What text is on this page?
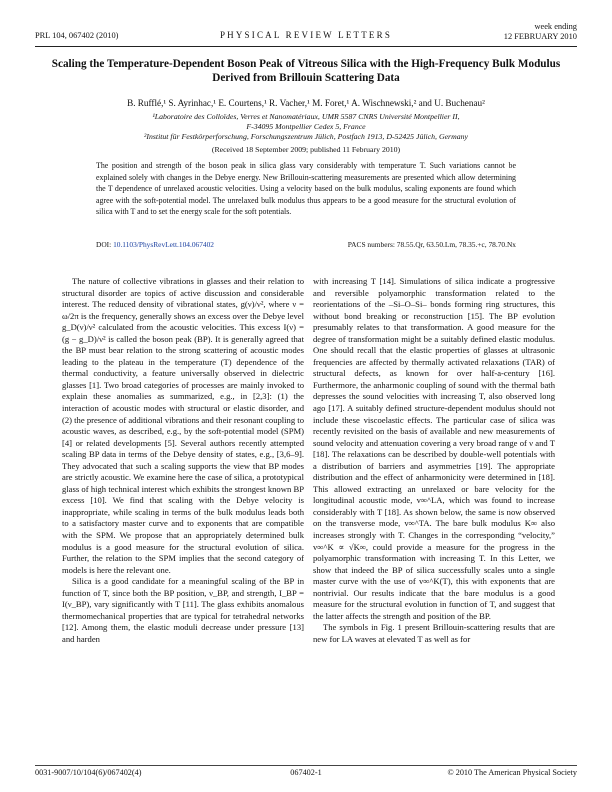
PRL 104, 067402 (2010)	PHYSICAL REVIEW LETTERS
week ending
12 FEBRUARY 2010
Scaling the Temperature-Dependent Boson Peak of Vitreous Silica with the High-Frequency Bulk Modulus Derived from Brillouin Scattering Data
B. Rufflé,¹ S. Ayrinhac,¹ E. Courtens,¹ R. Vacher,¹ M. Foret,¹ A. Wischnewski,² and U. Buchenau²
¹Laboratoire des Colloïdes, Verres et Nanomatériaux, UMR 5587 CNRS Université Montpellier II,
F-34095 Montpellier Cedex 5, France
²Institut für Festkörperforschung, Forschungszentrum Jülich, Postfach 1913, D-52425 Jülich, Germany
(Received 18 September 2009; published 11 February 2010)
The position and strength of the boson peak in silica glass vary considerably with temperature T. Such variations cannot be explained solely with changes in the Debye energy. New Brillouin-scattering measurements are presented which allow determining the T dependence of unrelaxed acoustic velocities. Using a velocity based on the bulk modulus, scaling exponents are found which agree with the soft-potential model. The unrelaxed bulk modulus thus appears to be a good measure for the structural evolution of silica with T and to set the energy scale for the soft potentials.
DOI: 10.1103/PhysRevLett.104.067402	PACS numbers: 78.55.Qr, 63.50.Lm, 78.35.+c, 78.70.Nx

The nature of collective vibrations in glasses and their relation to structural disorder are topics of active discussion and considerable interest. The reduced density of vibrational states, g(ν)/ν², where ν = ω/2π is the frequency, generally shows an excess over the Debye level g_D(ν)/ν² calculated from the acoustic velocities. This excess I(ν) = (g − g_D)/ν² is called the boson peak (BP). It is generally agreed that the BP must bear relation to the strong scattering of acoustic modes leading to the plateau in the temperature (T) dependence of the thermal conductivity, a feature universally observed in dielectric glasses [1]. Two broad categories of processes are mainly invoked to explain these anomalies as summarized, e.g., in [2,3]: (1) the interaction of acoustic modes with structural or elastic disorder, and (2) the presence of additional vibrations and their resonant coupling to acoustic waves, as described, e.g., by the soft-potential model (SPM) [4] or related developments [5]. Several authors recently attempted scaling BP data in terms of the Debye density of states, e.g., [3,6–9]. They advocated that such a scaling supports the view that BP modes are strictly acoustic. We examine here the case of silica, a prototypical glass of high technical interest which exhibits the strongest known BP excess [10]. We find that scaling with the Debye velocity is inappropriate, while scaling in terms of the bulk modulus leads both to a satisfactory master curve and to exponents that are compatible with the SPM. We propose that an appropriately determined bulk modulus is a good measure for the structural evolution of silica. Further, the relation to the SPM implies that the second category of models is here the relevant one.

Silica is a good candidate for a meaningful scaling of the BP in function of T, since both the BP position, ν_BP, and strength, I_BP = I(ν_BP), vary significantly with T [11]. The glass exhibits anomalous thermomechanical properties that are typical for tetrahedral networks [12]. Among them, the elastic moduli decrease under pressure [13] and harden

with increasing T [14]. Simulations of silica indicate a progressive and reversible polyamorphic transformation related to the reorientations of the –Si–O–Si– bonds forming ring structures, this without bond breaking or reconstruction [15]. The BP evolution presumably relates to that transformation. A good measure for the degree of transformation might be a suitably defined elastic modulus. One should recall that the elastic properties of glasses at ultrasonic frequencies are affected by thermally activated relaxations (TAR) of structural defects, as known for over half-a-century [16]. Furthermore, the anharmonic coupling of sound with the thermal bath depresses the sound velocities with increasing T, also observed long ago [17]. A suitably defined structure-dependent modulus should not include these viscoelastic effects. The particular case of silica was recently revisited on the basis of available and new measurements of sound velocity and attenuation covering a very broad range of ν and T [18]. The relaxations can be described by double-well potentials with a distribution of barriers and asymmetries [19]. The appropriate distribution and the effect of anharmonicity were determined in [18]. This allowed extracting an unrelaxed or bare velocity for the longitudinal acoustic mode, v∞^LA, which was found to increase considerably with T [18]. As shown below, the same is now observed on the transverse mode, v∞^TA. The bare bulk modulus K∞ also increases strongly with T. Changes in the corresponding “velocity,” v∞^K ∝ √K∞, could provide a measure for the progress in the polyamorphic transformation with increasing T. In this Letter, we show that indeed the BP of silica successfully scales unto a single master curve with the use of v∞^K(T), this with exponents that are nontrivial. Our results indicate that the bare modulus is a good measure for the structural evolution in function of T, and suggest that the latter affects the strength and position of the BP.

The symbols in Fig. 1 present Brillouin-scattering results that are new for LA waves at elevated T as well as for

0031-9007/10/104(6)/067402(4)	067402-1	© 2010 The American Physical Society
